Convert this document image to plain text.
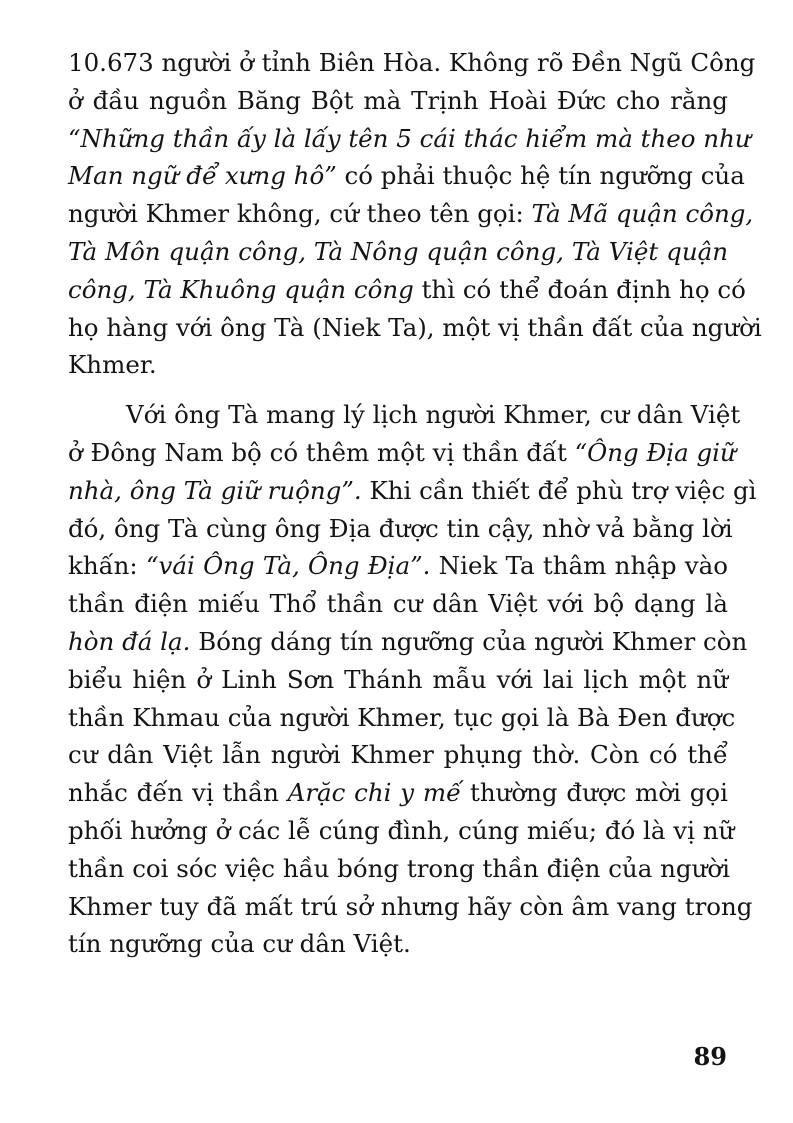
10.673 người ở tỉnh Biên Hòa. Không rõ Đền Ngũ Công
ở đầu nguồn Băng Bột mà Trịnh Hoài Đức cho rằng
“Những thần ấy là lấy tên 5 cái thác hiểm mà theo như
Man ngữ để xưng hô” có phải thuộc hệ tín ngưỡng của
người Khmer không, cứ theo tên gọi: Tà Mã quận công,
Tà Môn quận công, Tà Nông quận công, Tà Việt quận
công, Tà Khuông quận công thì có thể đoán định họ có
họ hàng với ông Tà (Niek Ta), một vị thần đất của người
Khmer.
Với ông Tà mang lý lịch người Khmer, cư dân Việt
ở Đông Nam bộ có thêm một vị thần đất “Ông Địa giữ
nhà, ông Tà giữ ruộng”. Khi cần thiết để phù trợ việc gì
đó, ông Tà cùng ông Địa được tin cậy, nhờ vả bằng lời
khấn: “vái Ông Tà, Ông Địa”. Niek Ta thâm nhập vào
thần điện miếu Thổ thần cư dân Việt với bộ dạng là
hòn đá lạ. Bóng dáng tín ngưỡng của người Khmer còn
biểu hiện ở Linh Sơn Thánh mẫu với lai lịch một nữ
thần Khmau của người Khmer, tục gọi là Bà Đen được
cư dân Việt lẫn người Khmer phụng thờ. Còn có thể
nhắc đến vị thần Arặc chi y mế thường được mời gọi
phối hưởng ở các lễ cúng đình, cúng miếu; đó là vị nữ
thần coi sóc việc hầu bóng trong thần điện của người
Khmer tuy đã mất trú sở nhưng hãy còn âm vang trong
tín ngưỡng của cư dân Việt.
89
